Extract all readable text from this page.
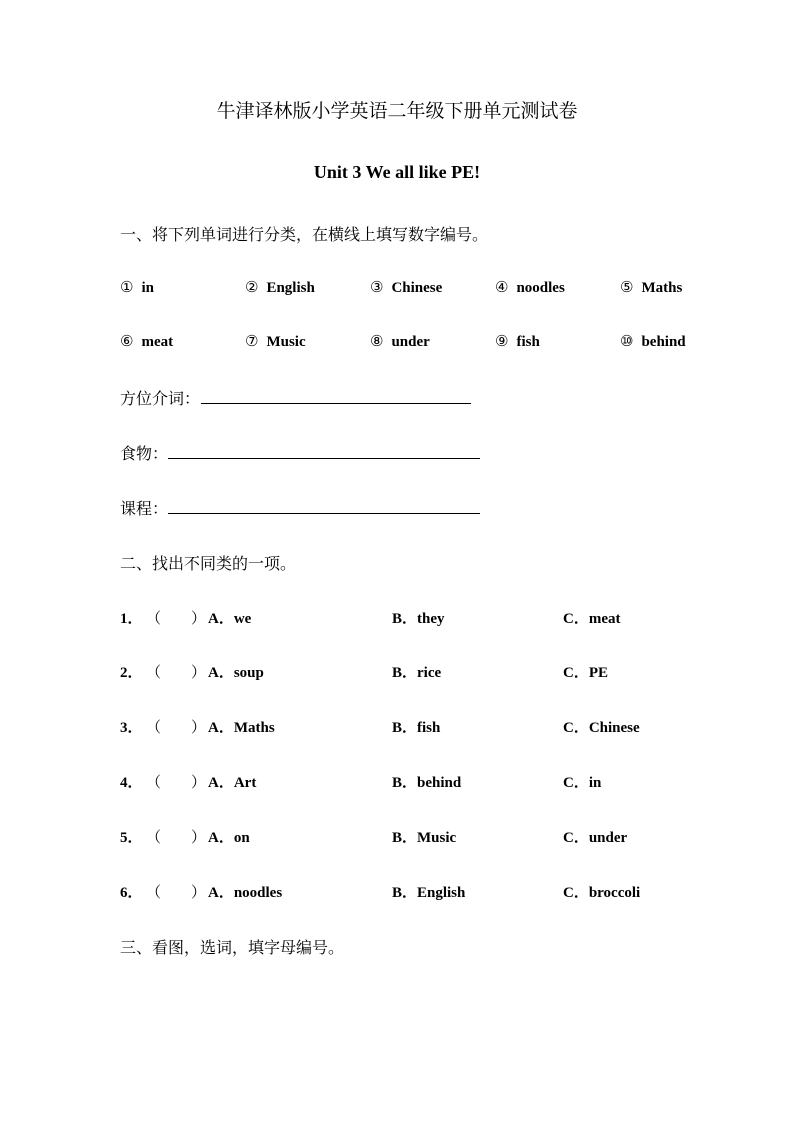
牛津译林版小学英语二年级下册单元测试卷
Unit 3 We all like PE!
一、将下列单词进行分类，在横线上填写数字编号。
① in	② English	③ Chinese	④ noodles	⑤ Maths
⑥ meat	⑦ Music	⑧ under	⑨ fish	⑩ behind
方位介词：
食物：
课程：
二、找出不同类的一项。
1． （　　） A．we	B．they	C．meat
2． （　　） A．soup	B．rice	C．PE
3． （　　） A．Maths	B．fish	C．Chinese
4． （　　） A．Art	B．behind	C．in
5． （　　） A．on	B．Music	C．under
6． （　　） A．noodles	B．English	C．broccoli
三、看图，选词，填字母编号。
